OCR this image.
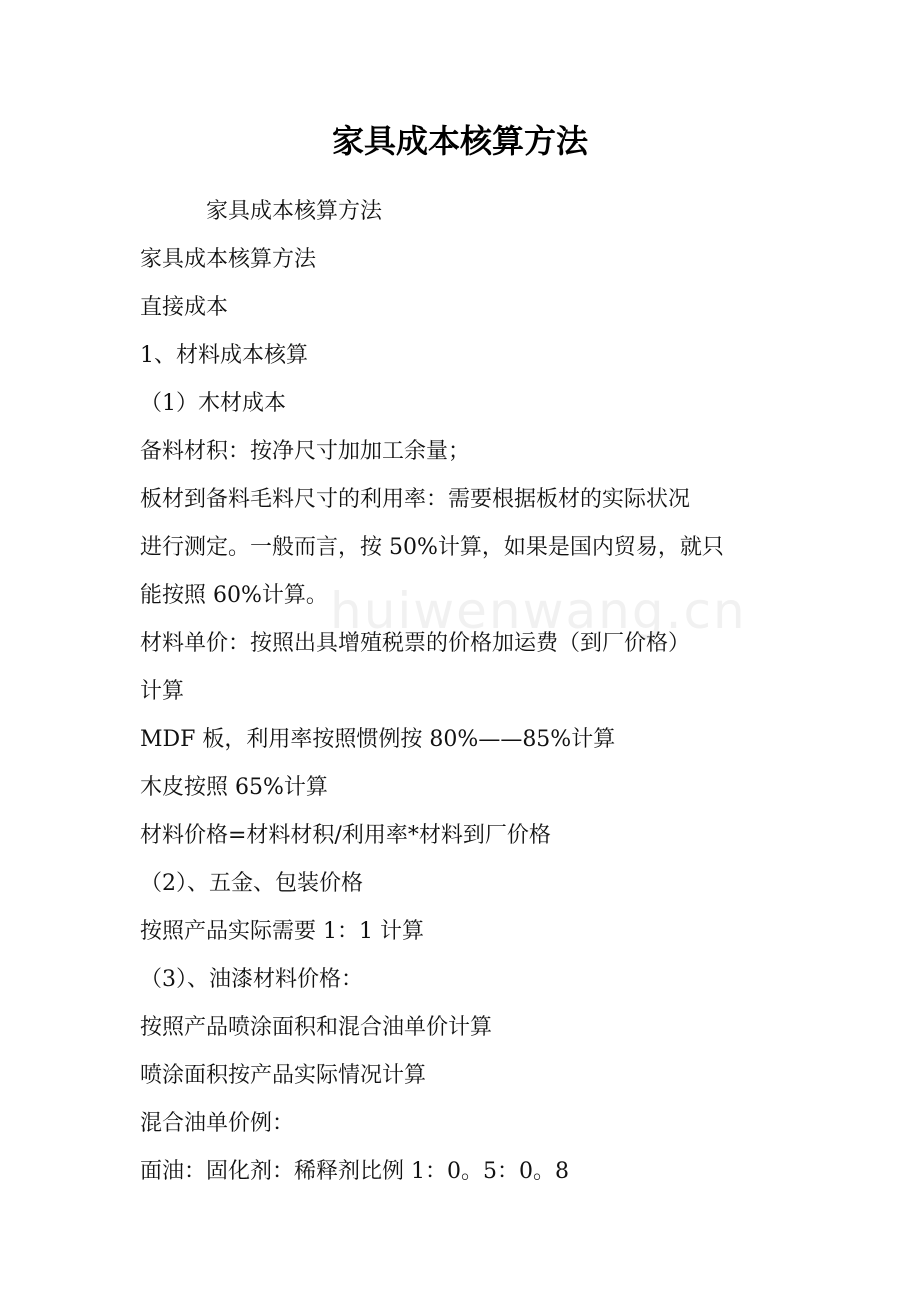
家具成本核算方法
huiwenwang.cn

家具成本核算方法

家具成本核算方法

直接成本

1、材料成本核算

（1）木材成本

备料材积：按净尺寸加加工余量；

板材到备料毛料尺寸的利用率：需要根据板材的实际状况

进行测定。一般而言，按 50%计算，如果是国内贸易，就只

能按照 60%计算。

材料单价：按照出具增殖税票的价格加运费（到厂价格）

计算

MDF 板，利用率按照惯例按 80%——85%计算

木皮按照 65%计算

材料价格=材料材积/利用率*材料到厂价格

（2）、五金、包装价格

按照产品实际需要 1：1 计算

（3）、油漆材料价格：

按照产品喷涂面积和混合油单价计算

喷涂面积按产品实际情况计算

混合油单价例：

面油：固化剂：稀释剂比例 1：0。5：0。8
